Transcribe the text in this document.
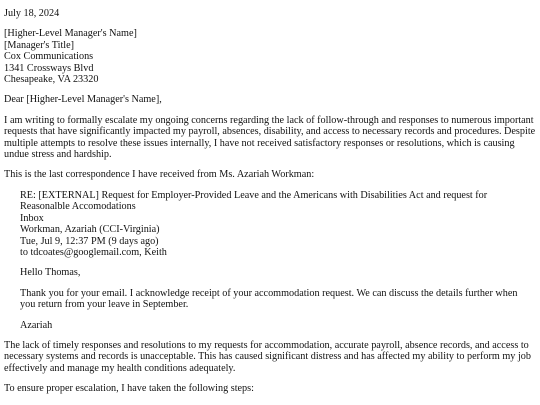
July 18, 2024

[Higher-Level Manager's Name]
[Manager's Title]
Cox Communications
1341 Crossways Blvd
Chesapeake, VA 23320

Dear [Higher-Level Manager's Name],

I am writing to formally escalate my ongoing concerns regarding the lack of follow-through and responses to numerous important requests that have significantly impacted my payroll, absences, disability, and access to necessary records and procedures. Despite multiple attempts to resolve these issues internally, I have not received satisfactory responses or resolutions, which is causing undue stress and hardship.

This is the last correspondence I have received from Ms. Azariah Workman:

RE: [EXTERNAL] Request for Employer-Provided Leave and the Americans with Disabilities Act and request for Reasonalble Accomodations
Inbox
Workman, Azariah (CCI-Virginia)
Tue, Jul 9, 12:37 PM (9 days ago)
to tdcoates@googlemail.com, Keith

Hello Thomas,

Thank you for your email. I acknowledge receipt of your accommodation request. We can discuss the details further when you return from your leave in September.

Azariah

The lack of timely responses and resolutions to my requests for accommodation, accurate payroll, absence records, and access to necessary systems and records is unacceptable. This has caused significant distress and has affected my ability to perform my job effectively and manage my health conditions adequately.

To ensure proper escalation, I have taken the following steps:
